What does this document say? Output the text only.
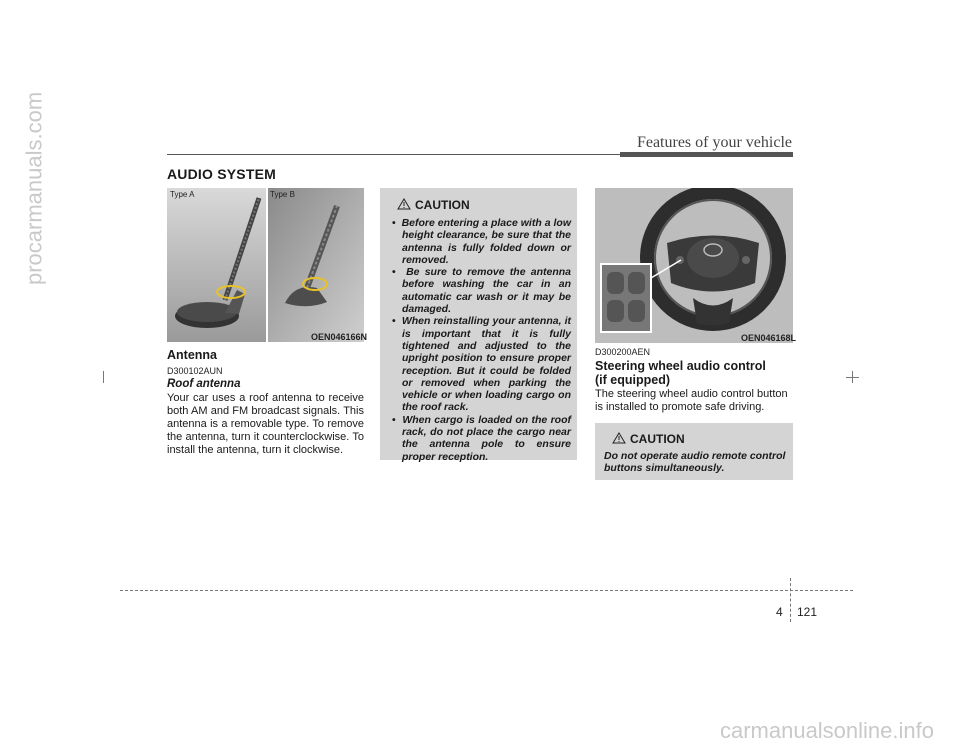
procarmanuals.com
carmanualsonline.info
Features of your vehicle
AUDIO SYSTEM
Type A	Type B
OEN046166N
Antenna
D300102AUN
Roof antenna
Your car uses a roof antenna to receive both AM and FM broadcast signals. This antenna is a removable type. To remove the antenna, turn it counterclockwise. To install the antenna, turn it clockwise.
CAUTION
•  Before entering a place with a low height clearance, be sure that the antenna is fully folded down or removed.
•  Be sure to remove the antenna before washing the car in an automatic car wash or it may be damaged.
•  When reinstalling your antenna, it is important that it is fully tightened and adjusted to the upright position to ensure proper reception. But it could be folded or removed when parking the vehicle or when loading cargo on the roof rack.
•  When cargo is loaded on the roof rack, do not place the cargo near the antenna pole to ensure proper reception.
OEN046168L
D300200AEN
Steering wheel audio control
(if equipped)
The steering wheel audio control button is installed to promote safe driving.
CAUTION
Do not operate audio remote control buttons simultaneously.
4 121
